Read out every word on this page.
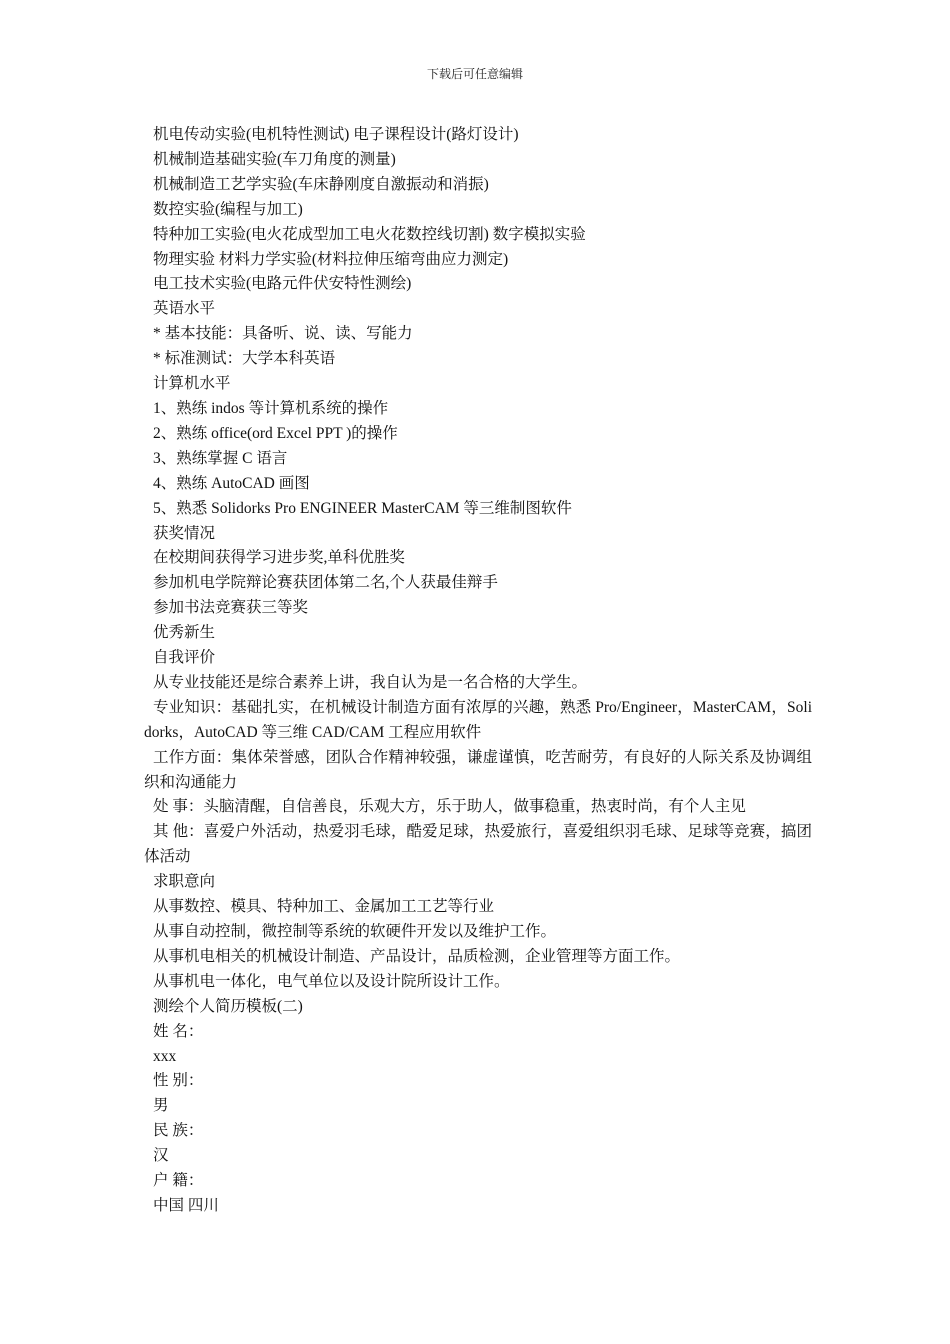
下载后可任意编辑
机电传动实验(电机特性测试) 电子课程设计(路灯设计)
机械制造基础实验(车刀角度的测量)
机械制造工艺学实验(车床静刚度自激振动和消振)
数控实验(编程与加工)
特种加工实验(电火花成型加工电火花数控线切割) 数字模拟实验
物理实验 材料力学实验(材料拉伸压缩弯曲应力测定)
电工技术实验(电路元件伏安特性测绘)
英语水平
* 基本技能：具备听、说、读、写能力
* 标准测试：大学本科英语
计算机水平
1、熟练 indos 等计算机系统的操作
2、熟练 office(ord Excel PPT )的操作
3、熟练掌握 C 语言
4、熟练 AutoCAD 画图
5、熟悉 Solidorks Pro ENGINEER MasterCAM 等三维制图软件
获奖情况
在校期间获得学习进步奖,单科优胜奖
参加机电学院辩论赛获团体第二名,个人获最佳辩手
参加书法竞赛获三等奖
优秀新生
自我评价
从专业技能还是综合素养上讲，我自认为是一名合格的大学生。
专业知识：基础扎实，在机械设计制造方面有浓厚的兴趣，熟悉 Pro/Engineer，MasterCAM，Solidorks，AutoCAD 等三维 CAD/CAM 工程应用软件
工作方面：集体荣誉感，团队合作精神较强，谦虚谨慎，吃苦耐劳，有良好的人际关系及协调组织和沟通能力
处 事：头脑清醒，自信善良，乐观大方，乐于助人，做事稳重，热衷时尚，有个人主见
其 他：喜爱户外活动，热爱羽毛球，酷爱足球，热爱旅行，喜爱组织羽毛球、足球等竞赛，搞团体活动
求职意向
从事数控、模具、特种加工、金属加工工艺等行业
从事自动控制，微控制等系统的软硬件开发以及维护工作。
从事机电相关的机械设计制造、产品设计，品质检测，企业管理等方面工作。
从事机电一体化，电气单位以及设计院所设计工作。
测绘个人简历模板(二)
姓 名：
xxx
性 别：
男
民 族：
汉
户 籍：
中国 四川
